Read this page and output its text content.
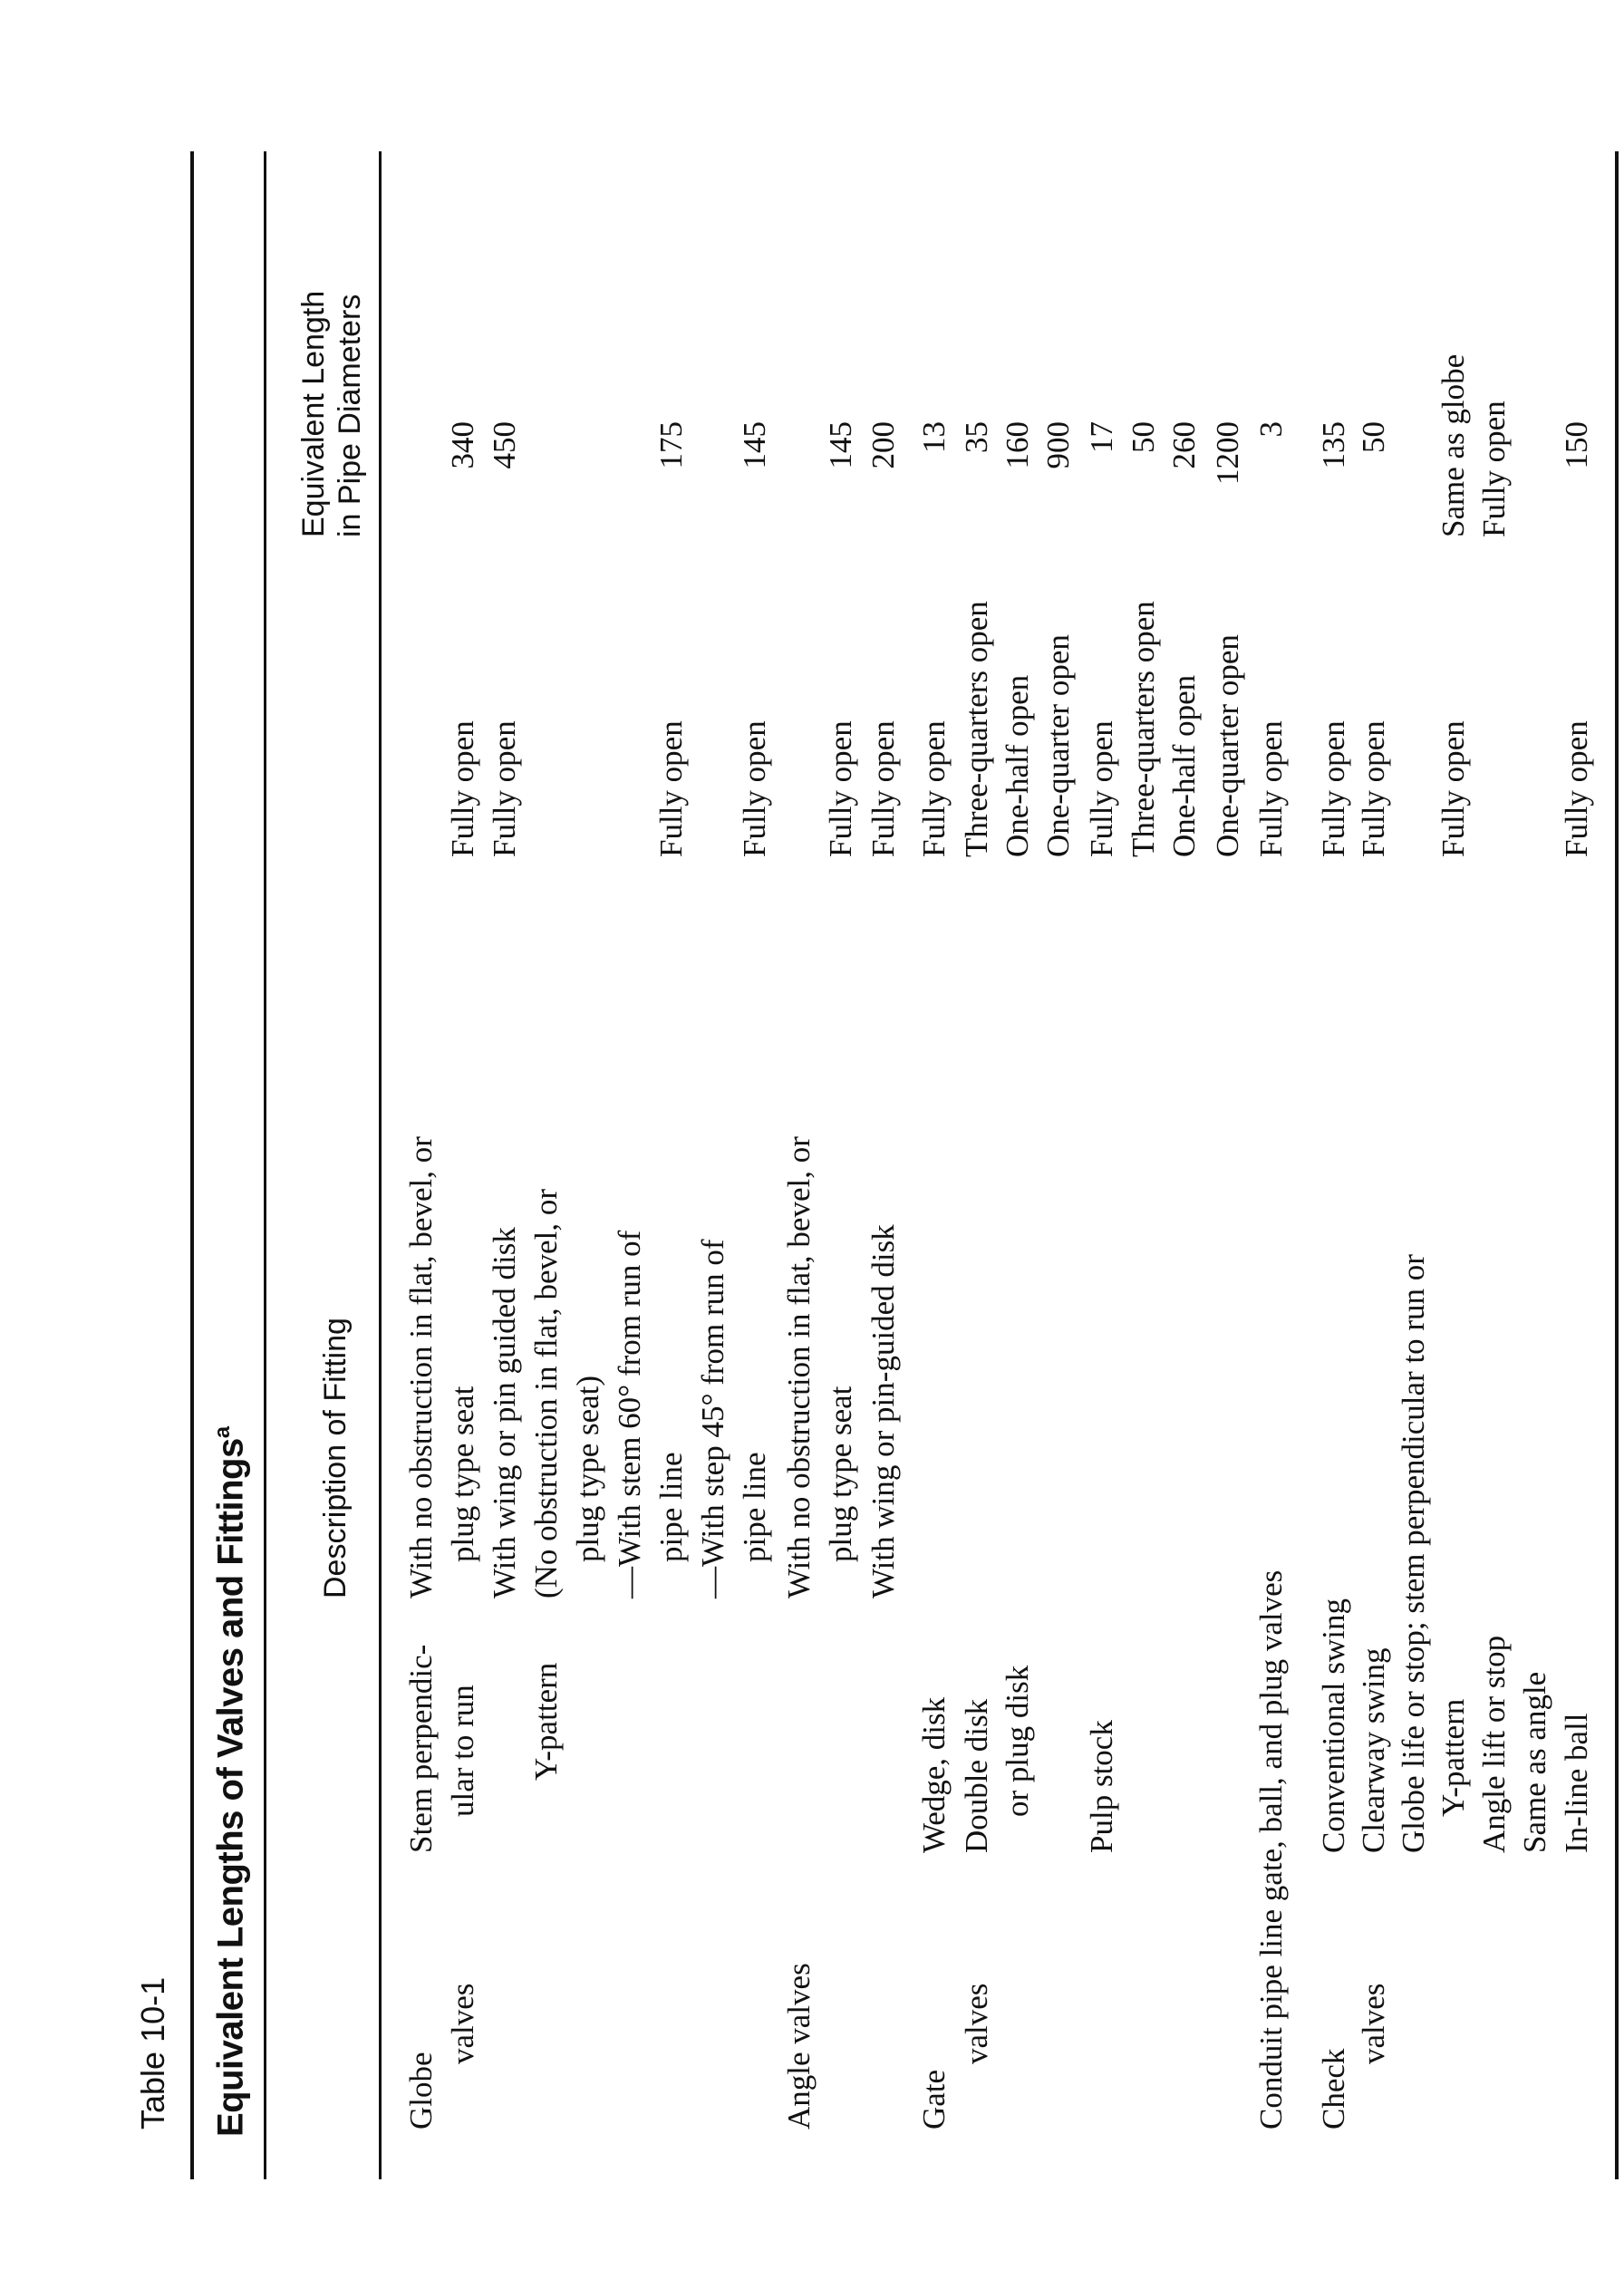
Table 10-1 Equivalent Lengths of Valves and Fittings$^a$	Description of Fitting
Equivalent Length in Pipe Diameters
Globe
Stem perpendic-
With no obstruction in flat, bevel, or
valves
ular to run
plug type seat
Fully open
340
With wing or pin guided disk
Fully open
450
Y-pattern
(No obstruction in flat, bevel, or plug type seat) —With stem 60° from run of pipe line
Fully open
175
—With step 45° from run of pipe line
Fully open
145
Angle valves
With no obstruction in flat, bevel, or plug type seat
Fully open
145
With wing or pin-guided disk
Fully open
200
Gate
Wedge, disk
Fully open
13
valves
Double disk
Three-quarters open
35
or plug disk
One-half open
160
One-quarter open
900
Pulp stock
Fully open
17
Three-quarters open
50
One-half open
260
One-quarter open
1200
Conduit pipe line gate, ball, and plug valves
Fully open
3
Check
Conventional swing
Fully open
135
valves
Clearway swing
Fully open
50
Globe life or stop; stem perpendicular to run or Y-pattern
Fully open
Same as globe
Angle lift or stop
Fully open
Same as angle In-line ball
Fully open
150
